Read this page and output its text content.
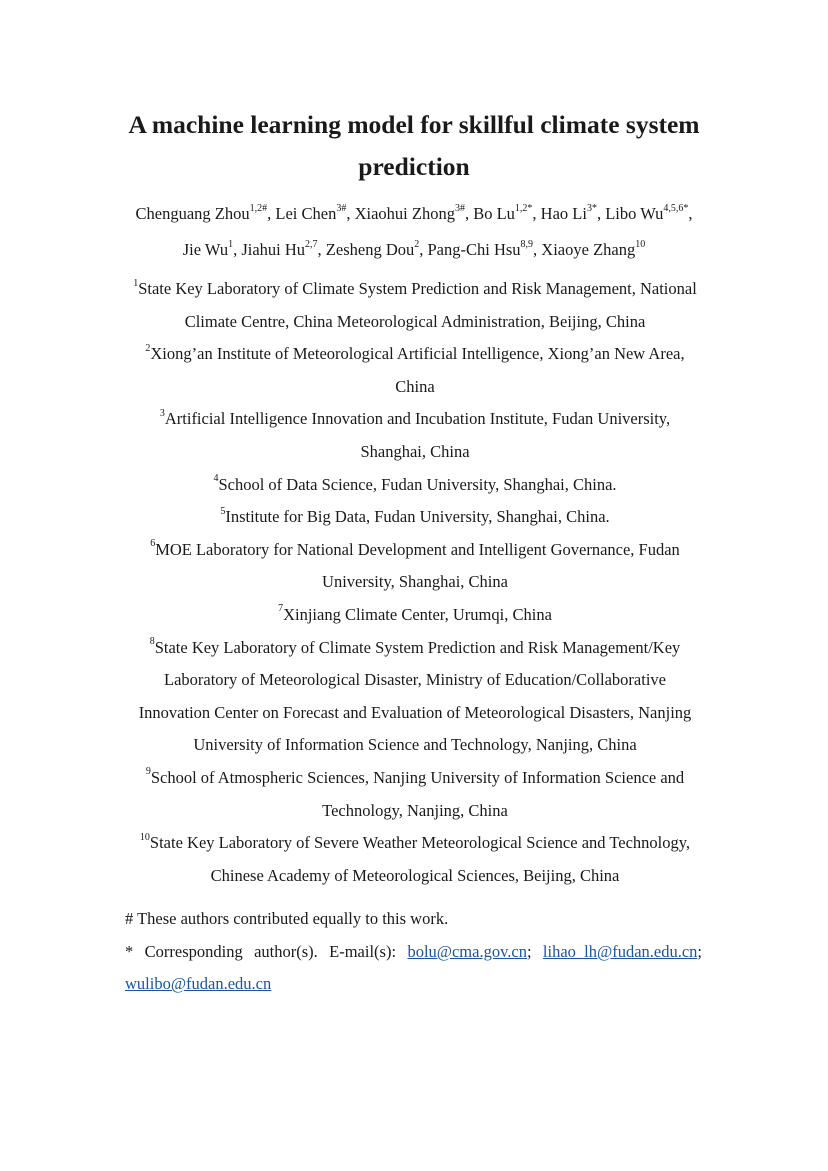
A machine learning model for skillful climate system prediction

Chenguang Zhou$^{1,2\#}$, Lei Chen$^{3\#}$, Xiaohui Zhong$^{3\#}$, Bo $Lu^{1,2*}$, Hao $Li^{3*}$, Libo $Wu^{4,5,6*}$,
Jie Wu$^1$, Jiahui Hu$^{2,7}$, Zesheng Dou$^2$, Pang-Chi Hsu$^{8,9}$, Xiaoye Zhang$^{10}$

$^1$State Key Laboratory of Climate System Prediction and Risk Management, National
Climate Centre, China Meteorological Administration, Beijing, China

$^2$Xiong’an Institute of Meteorological Artificial Intelligence, Xiong’an New Area,
China

$^3$Artificial Intelligence Innovation and Incubation Institute, Fudan University,
Shanghai, China

$^4$School of Data Science, Fudan University, Shanghai, China.

$^5$Institute for Big Data, Fudan University, Shanghai, China.

$^6$MOE Laboratory for National Development and Intelligent Governance, Fudan
University, Shanghai, China

$^7$Xinjiang Climate Center, Urumqi, China

$^8$State Key Laboratory of Climate System Prediction and Risk Management/Key
Laboratory of Meteorological Disaster, Ministry of Education/Collaborative
Innovation Center on Forecast and Evaluation of Meteorological Disasters, Nanjing
University of Information Science and Technology, Nanjing, China

$^9$School of Atmospheric Sciences, Nanjing University of Information Science and
Technology, Nanjing, China

$^{10}$State Key Laboratory of Severe Weather Meteorological Science and Technology,
Chinese Academy of Meteorological Sciences, Beijing, China

# These authors contributed equally to this work.

* Corresponding author(s). E-mail(s): bolu@cma.gov.cn; lihao_lh@fudan.edu.cn; wulibo@fudan.edu.cn
